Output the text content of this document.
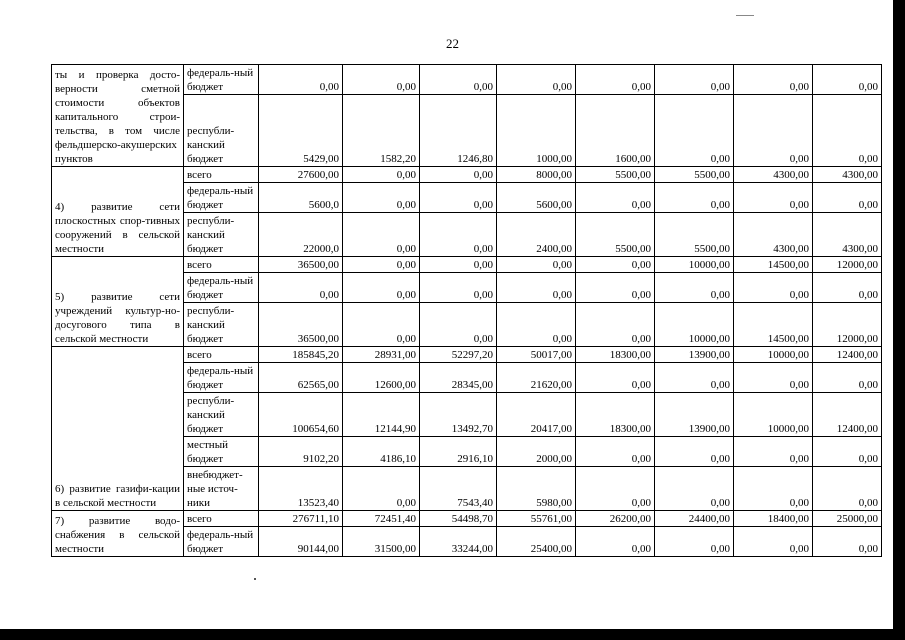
22
ты и проверка досто-верности сметной стоимости объектов капитального строи-тельства, в том числе фельдшерско-акушерских пунктов	федераль-ный бюджет	0,00	0,00	0,00	0,00	0,00	0,00	0,00	0,00
	республи-канский бюджет	5429,00	1582,20	1246,80	1000,00	1600,00	0,00	0,00	0,00
4) развитие сети плоскостных спор-тивных сооружений в сельской местности	всего	27600,00	0,00	0,00	8000,00	5500,00	5500,00	4300,00	4300,00
	федераль-ный бюджет	5600,0	0,00	0,00	5600,00	0,00	0,00	0,00	0,00
	республи-канский бюджет	22000,0	0,00	0,00	2400,00	5500,00	5500,00	4300,00	4300,00
5) развитие сети учреждений культур-но-досугового типа в сельской местности	всего	36500,00	0,00	0,00	0,00	0,00	10000,00	14500,00	12000,00
	федераль-ный бюджет	0,00	0,00	0,00	0,00	0,00	0,00	0,00	0,00
	республи-канский бюджет	36500,00	0,00	0,00	0,00	0,00	10000,00	14500,00	12000,00
6) развитие газифи-кации в сельской местности	всего	185845,20	28931,00	52297,20	50017,00	18300,00	13900,00	10000,00	12400,00
	федераль-ный бюджет	62565,00	12600,00	28345,00	21620,00	0,00	0,00	0,00	0,00
	республи-канский бюджет	100654,60	12144,90	13492,70	20417,00	18300,00	13900,00	10000,00	12400,00
	местный бюджет	9102,20	4186,10	2916,10	2000,00	0,00	0,00	0,00	0,00
	внебюджет-ные источ-ники	13523,40	0,00	7543,40	5980,00	0,00	0,00	0,00	0,00
7) развитие водо-снабжения в сельской местности	всего	276711,10	72451,40	54498,70	55761,00	26200,00	24400,00	18400,00	25000,00
	федераль-ный бюджет	90144,00	31500,00	33244,00	25400,00	0,00	0,00	0,00	0,00
